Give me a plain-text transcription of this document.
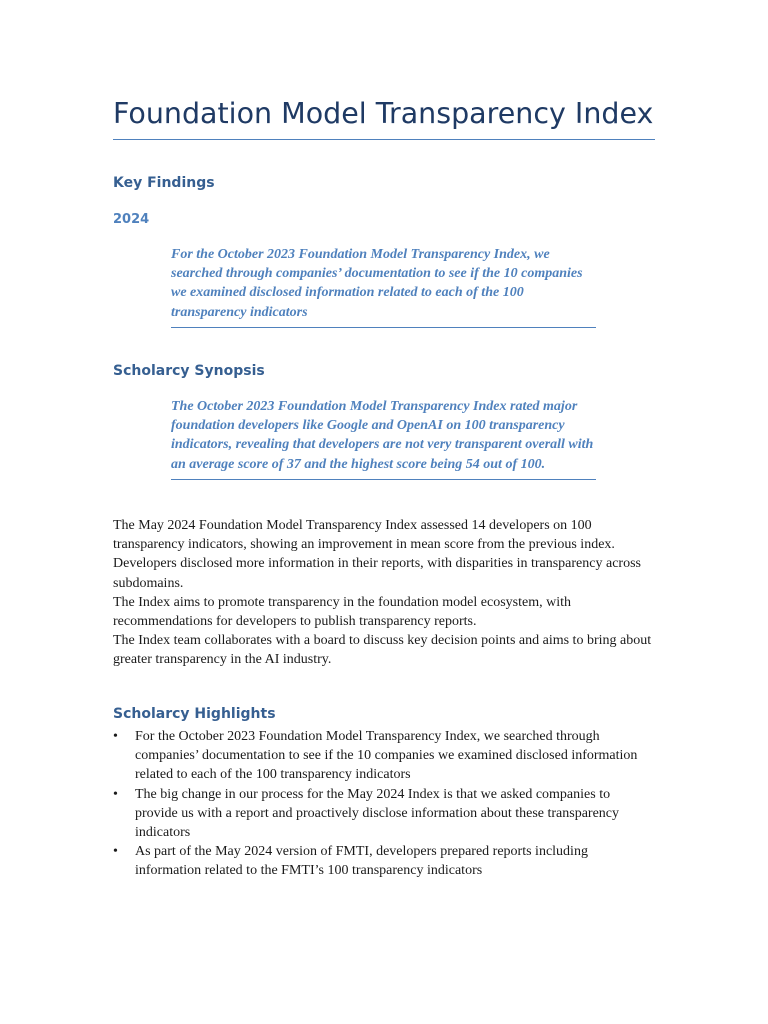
Foundation Model Transparency Index
Key Findings
2024

For the October 2023 Foundation Model Transparency Index, we searched through companies’ documentation to see if the 10 companies we examined disclosed information related to each of the 100 transparency indicators

Scholarcy Synopsis

The October 2023 Foundation Model Transparency Index rated major foundation developers like Google and OpenAI on 100 transparency indicators, revealing that developers are not very transparent overall with an average score of 37 and the highest score being 54 out of 100.

The May 2024 Foundation Model Transparency Index assessed 14 developers on 100 transparency indicators, showing an improvement in mean score from the previous index. Developers disclosed more information in their reports, with disparities in transparency across subdomains.

The Index aims to promote transparency in the foundation model ecosystem, with recommendations for developers to publish transparency reports.

The Index team collaborates with a board to discuss key decision points and aims to bring about greater transparency in the AI industry.

Scholarcy Highlights
•	For the October 2023 Foundation Model Transparency Index, we searched through companies’ documentation to see if the 10 companies we examined disclosed information related to each of the 100 transparency indicators
•	The big change in our process for the May 2024 Index is that we asked companies to provide us with a report and proactively disclose information about these transparency indicators
•	As part of the May 2024 version of FMTI, developers prepared reports including information related to the FMTI’s 100 transparency indicators
